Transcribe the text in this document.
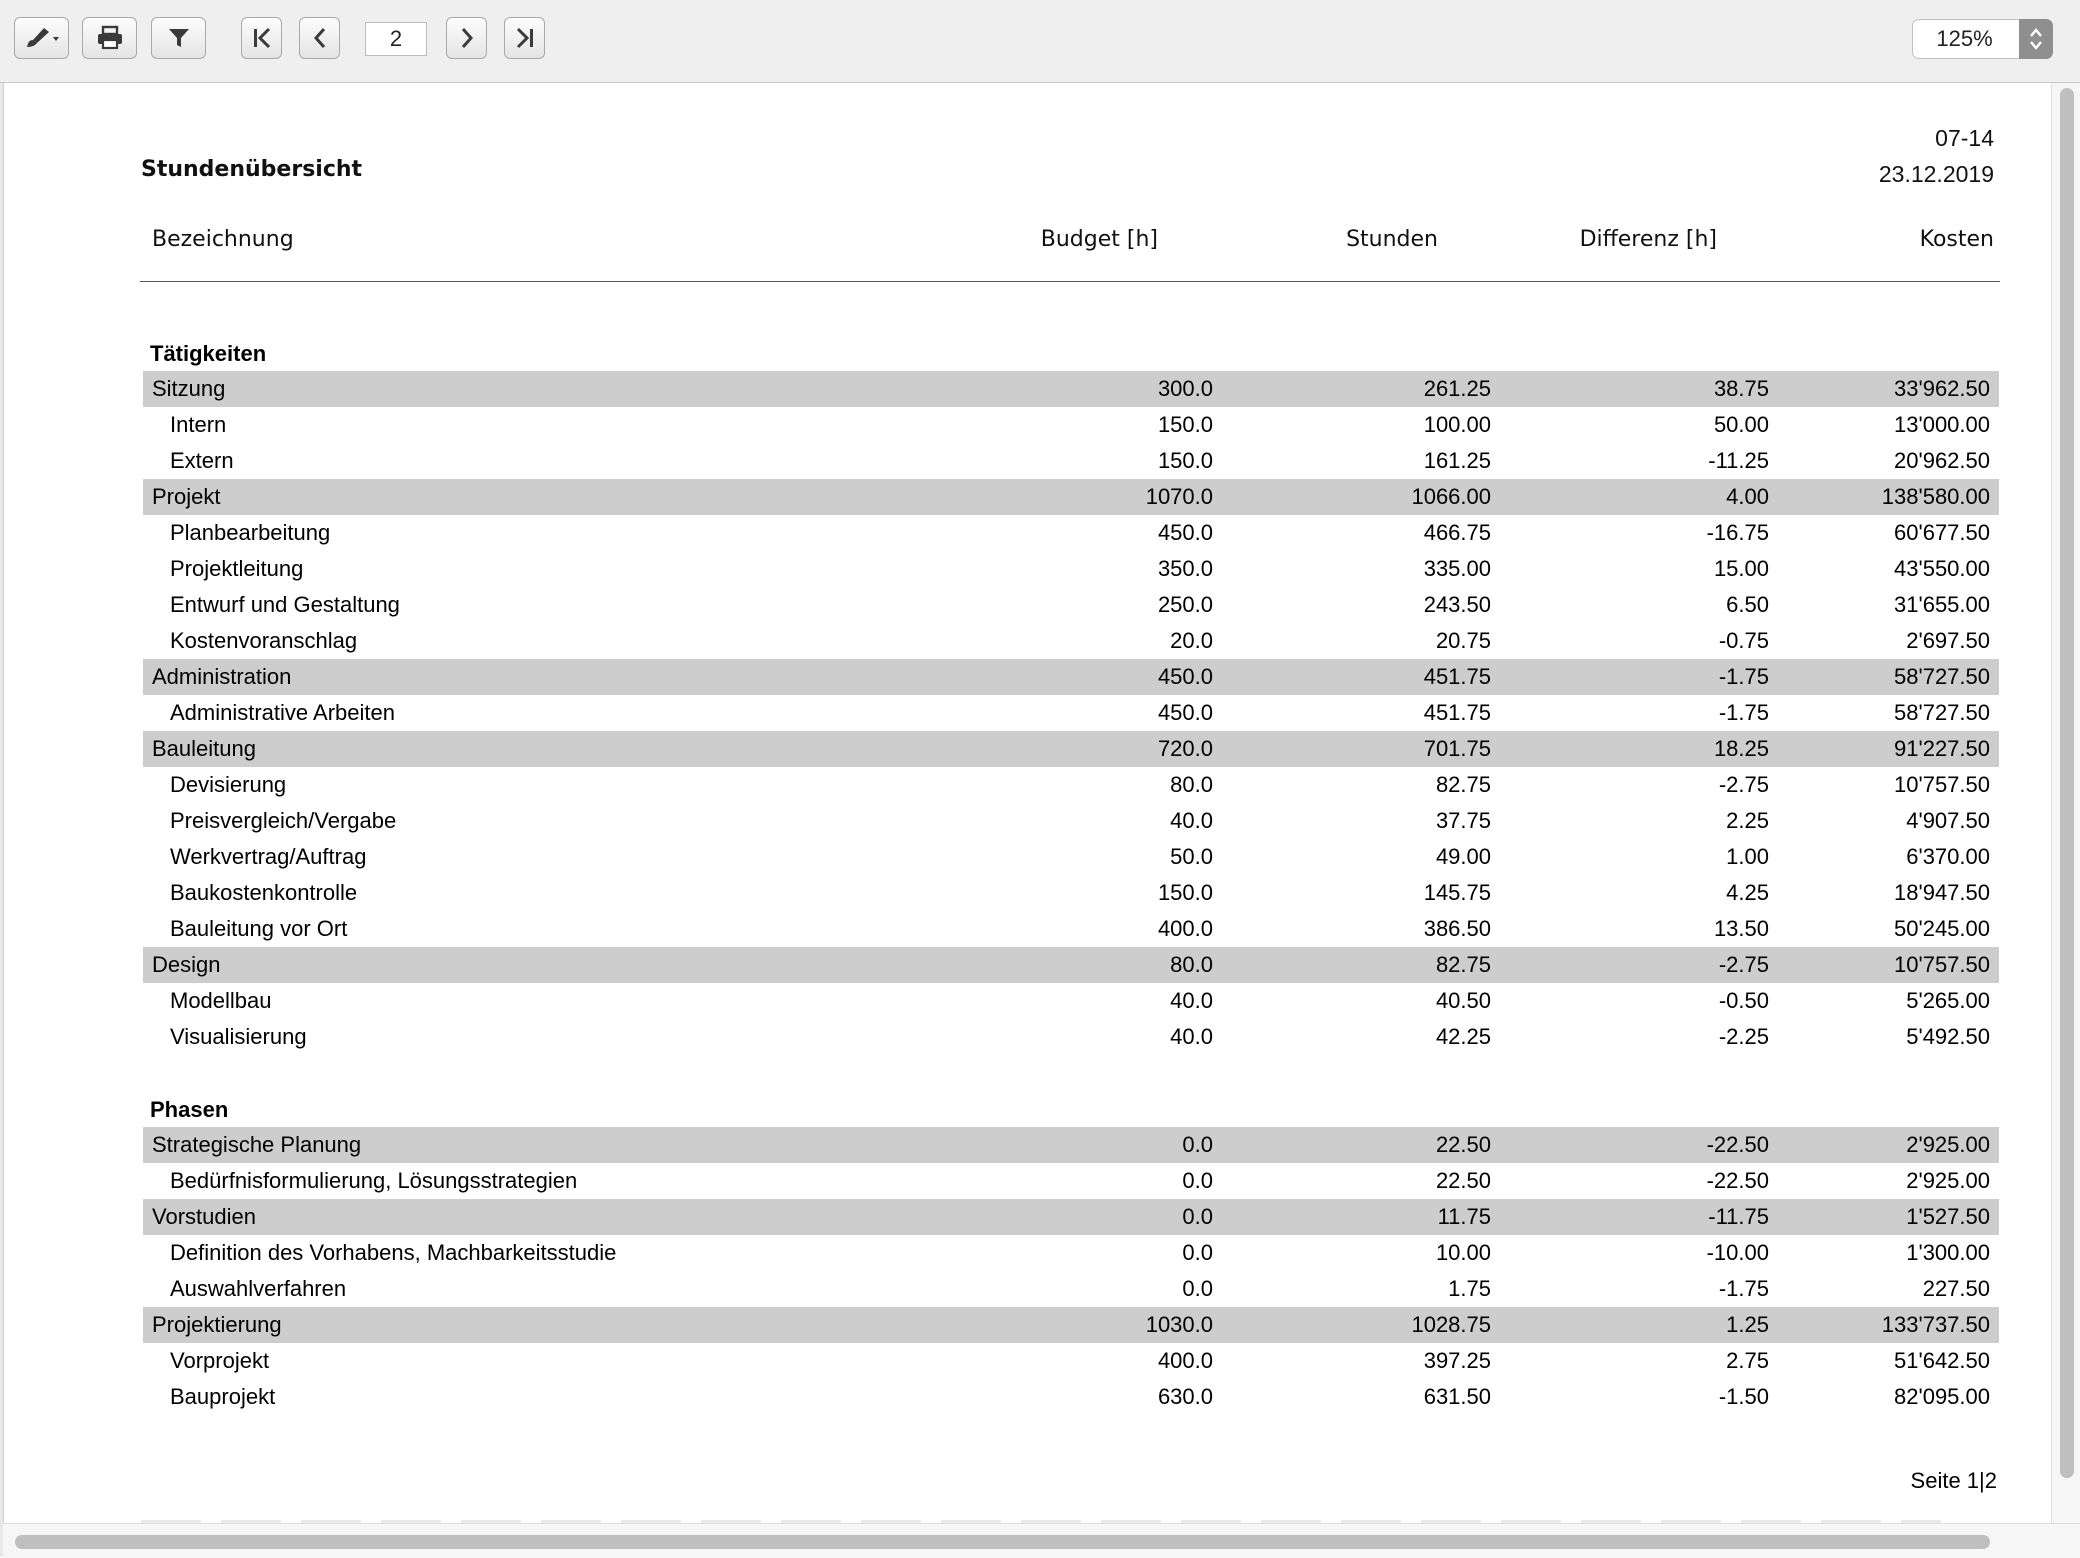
2	125%
07-14
23.12.2019
Stundenübersicht
Bezeichnung	Budget [h]	Stunden	Differenz [h]	Kosten
Tätigkeiten
Sitzung	300.0	261.25	38.75	33'962.50
Intern	150.0	100.00	50.00	13'000.00
Extern	150.0	161.25	-11.25	20'962.50
Projekt	1070.0	1066.00	4.00	138'580.00
Planbearbeitung	450.0	466.75	-16.75	60'677.50
Projektleitung	350.0	335.00	15.00	43'550.00
Entwurf und Gestaltung	250.0	243.50	6.50	31'655.00
Kostenvoranschlag	20.0	20.75	-0.75	2'697.50
Administration	450.0	451.75	-1.75	58'727.50
Administrative Arbeiten	450.0	451.75	-1.75	58'727.50
Bauleitung	720.0	701.75	18.25	91'227.50
Devisierung	80.0	82.75	-2.75	10'757.50
Preisvergleich/Vergabe	40.0	37.75	2.25	4'907.50
Werkvertrag/Auftrag	50.0	49.00	1.00	6'370.00
Baukostenkontrolle	150.0	145.75	4.25	18'947.50
Bauleitung vor Ort	400.0	386.50	13.50	50'245.00
Design	80.0	82.75	-2.75	10'757.50
Modellbau	40.0	40.50	-0.50	5'265.00
Visualisierung	40.0	42.25	-2.25	5'492.50
Phasen
Strategische Planung	0.0	22.50	-22.50	2'925.00
Bedürfnisformulierung, Lösungsstrategien	0.0	22.50	-22.50	2'925.00
Vorstudien	0.0	11.75	-11.75	1'527.50
Definition des Vorhabens, Machbarkeitsstudie	0.0	10.00	-10.00	1'300.00
Auswahlverfahren	0.0	1.75	-1.75	227.50
Projektierung	1030.0	1028.75	1.25	133'737.50
Vorprojekt	400.0	397.25	2.75	51'642.50
Bauprojekt	630.0	631.50	-1.50	82'095.00
Seite 1|2
